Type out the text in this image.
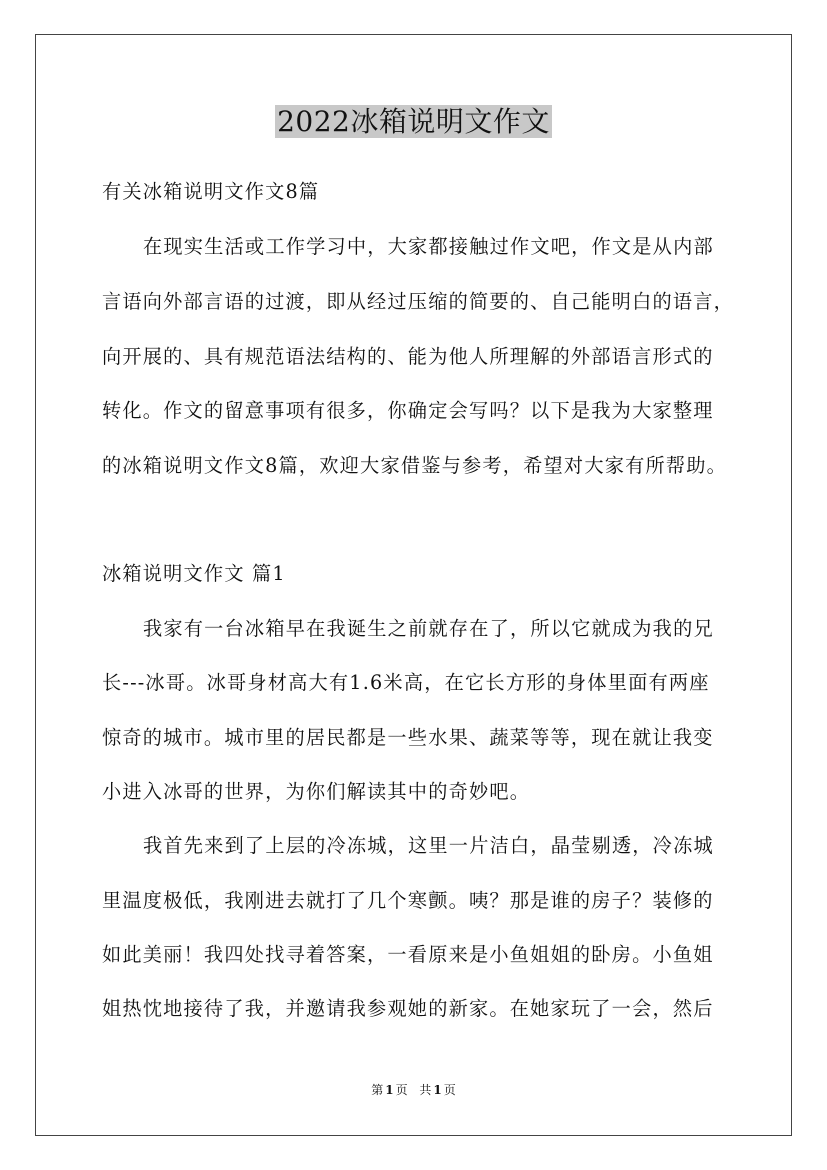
2022冰箱说明文作文
有关冰箱说明文作文8篇
在现实生活或工作学习中，大家都接触过作文吧，作文是从内部
言语向外部言语的过渡，即从经过压缩的简要的、自己能明白的语言，
向开展的、具有规范语法结构的、能为他人所理解的外部语言形式的
转化。作文的留意事项有很多，你确定会写吗？以下是我为大家整理
的冰箱说明文作文8篇，欢迎大家借鉴与参考，希望对大家有所帮助。
冰箱说明文作文 篇1
我家有一台冰箱早在我诞生之前就存在了，所以它就成为我的兄
长---冰哥。冰哥身材高大有1.6米高，在它长方形的身体里面有两座
惊奇的城市。城市里的居民都是一些水果、蔬菜等等，现在就让我变
小进入冰哥的世界，为你们解读其中的奇妙吧。
我首先来到了上层的冷冻城，这里一片洁白，晶莹剔透，冷冻城
里温度极低，我刚进去就打了几个寒颤。咦？那是谁的房子？装修的
如此美丽！我四处找寻着答案，一看原来是小鱼姐姐的卧房。小鱼姐
姐热忱地接待了我，并邀请我参观她的新家。在她家玩了一会，然后
第 1 页 共 1 页
